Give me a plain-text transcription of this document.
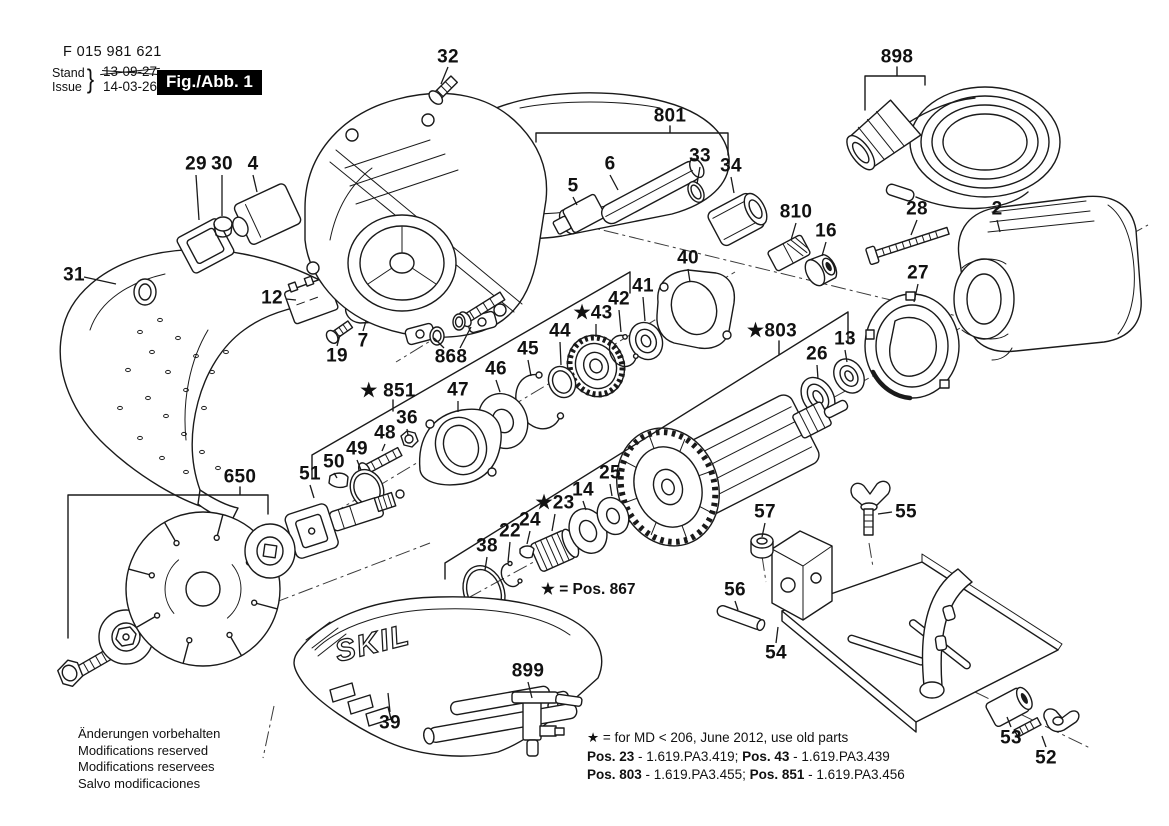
SKIL
32	898
801
29 30 4	33
6	34
5
810	28	2
16
40
31	27
41
12	42
★43
★803
44	13
7	45	26
19	868
46
47
★ 851
36
48
49
50
25
51
650
14
★23	57	55
24
22
38
56
54
899
39
53
52
F 015 981 621
Stand
Issue } 13-09-27
14-03-26 Fig./Abb. 1
★ = Pos. 867
Änderungen vorbehalten
Modifications reserved
Modifications reservees
Salvo modificaciones
★ = for MD < 206, June 2012, use old parts
Pos. 23 - 1.619.PA3.419; Pos. 43 - 1.619.PA3.439
Pos. 803 - 1.619.PA3.455; Pos. 851 - 1.619.PA3.456
